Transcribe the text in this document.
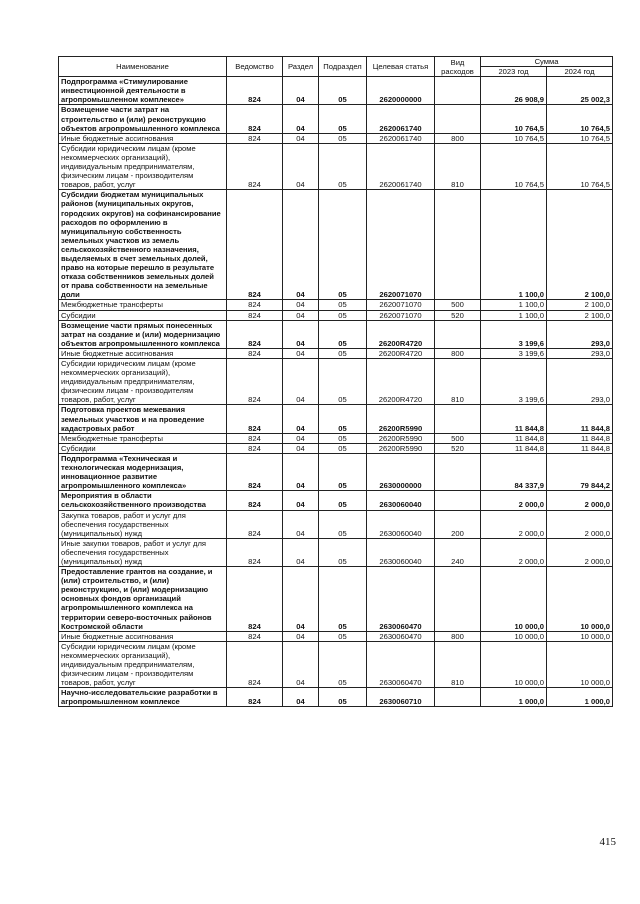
Наименование	Ведомство	Раздел	Подраздел	Целевая статья	Вид расходов	Сумма	
						2023 год	2024 год
Подпрограмма «Стимулирование инвестиционной деятельности в агропромышленном комплексе»	824	04	05	2620000000		26 908,9	25 002,3
Возмещение части затрат на строительство и (или) реконструкцию объектов агропромышленного комплекса	824	04	05	2620061740		10 764,5	10 764,5
Иные бюджетные ассигнования	824	04	05	2620061740	800	10 764,5	10 764,5
Субсидии юридическим лицам (кроме некоммерческих организаций), индивидуальным предпринимателям, физическим лицам - производителям товаров, работ, услуг	824	04	05	2620061740	810	10 764,5	10 764,5
Субсидии бюджетам муниципальных районов (муниципальных округов, городских округов) на софинансирование расходов по оформлению в муниципальную собственность земельных участков из земель сельскохозяйственного назначения, выделяемых в счет земельных долей, право на которые перешло в результате отказа собственников земельных долей от права собственности на земельные доли	824	04	05	2620071070		1 100,0	2 100,0
Межбюджетные трансферты	824	04	05	2620071070	500	1 100,0	2 100,0
Субсидии	824	04	05	2620071070	520	1 100,0	2 100,0
Возмещение части прямых понесенных затрат на создание и (или) модернизацию объектов агропромышленного комплекса	824	04	05	26200R4720		3 199,6	293,0
Иные бюджетные ассигнования	824	04	05	26200R4720	800	3 199,6	293,0
Субсидии юридическим лицам (кроме некоммерческих организаций), индивидуальным предпринимателям, физическим лицам - производителям товаров, работ, услуг	824	04	05	26200R4720	810	3 199,6	293,0
Подготовка проектов межевания земельных участков и на проведение кадастровых работ	824	04	05	26200R5990		11 844,8	11 844,8
Межбюджетные трансферты	824	04	05	26200R5990	500	11 844,8	11 844,8
Субсидии	824	04	05	26200R5990	520	11 844,8	11 844,8
Подпрограмма «Техническая и технологическая модернизация, инновационное развитие агропромышленного комплекса»	824	04	05	2630000000		84 337,9	79 844,2
Мероприятия в области сельскохозяйственного производства	824	04	05	2630060040		2 000,0	2 000,0
Закупка товаров, работ и услуг для обеспечения государственных (муниципальных) нужд	824	04	05	2630060040	200	2 000,0	2 000,0
Иные закупки товаров, работ и услуг для обеспечения государственных (муниципальных) нужд	824	04	05	2630060040	240	2 000,0	2 000,0
Предоставление грантов на создание, и (или) строительство, и (или) реконструкцию, и (или) модернизацию основных фондов организаций агропромышленного комплекса на территории северо-восточных районов Костромской области	824	04	05	2630060470		10 000,0	10 000,0
Иные бюджетные ассигнования	824	04	05	2630060470	800	10 000,0	10 000,0
Субсидии юридическим лицам (кроме некоммерческих организаций), индивидуальным предпринимателям, физическим лицам - производителям товаров, работ, услуг	824	04	05	2630060470	810	10 000,0	10 000,0
Научно-исследовательские разработки в агропромышленном комплексе	824	04	05	2630060710		1 000,0	1 000,0
415
